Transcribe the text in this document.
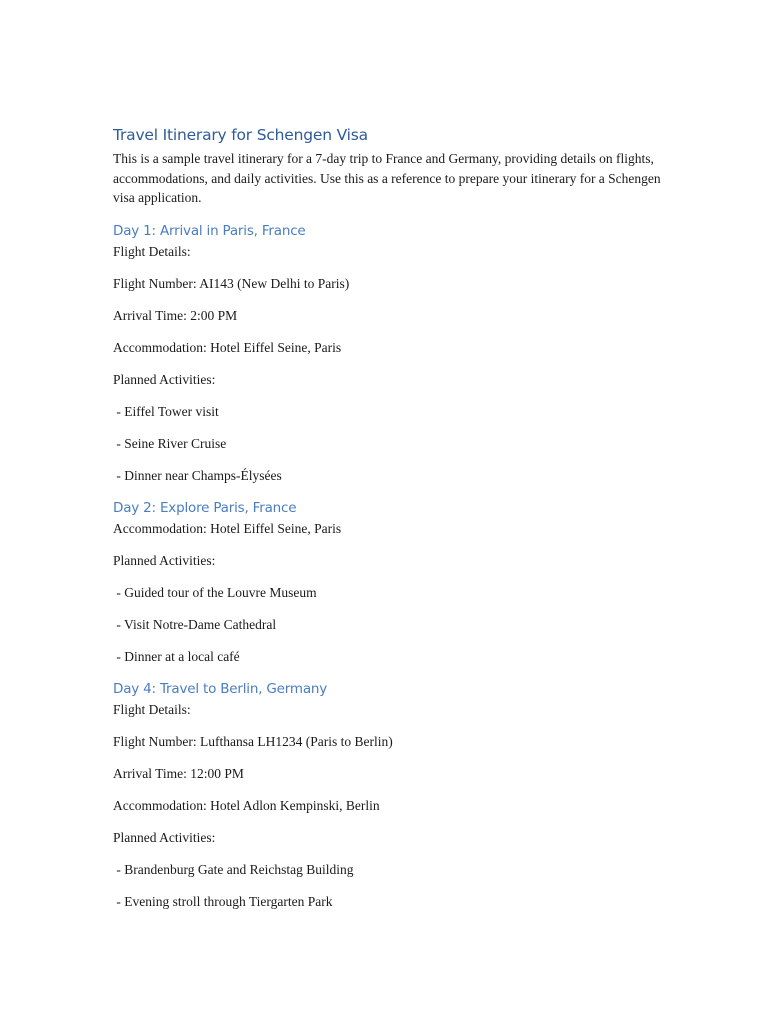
Travel Itinerary for Schengen Visa

This is a sample travel itinerary for a 7-day trip to France and Germany, providing details on flights, accommodations, and daily activities. Use this as a reference to prepare your itinerary for a Schengen visa application.

Day 1: Arrival in Paris, France

Flight Details:

Flight Number: AI143 (New Delhi to Paris)

Arrival Time: 2:00 PM

Accommodation: Hotel Eiffel Seine, Paris

Planned Activities:

- Eiffel Tower visit

- Seine River Cruise

- Dinner near Champs-Élysées

Day 2: Explore Paris, France

Accommodation: Hotel Eiffel Seine, Paris

Planned Activities:

- Guided tour of the Louvre Museum

- Visit Notre-Dame Cathedral

- Dinner at a local café

Day 4: Travel to Berlin, Germany

Flight Details:

Flight Number: Lufthansa LH1234 (Paris to Berlin)

Arrival Time: 12:00 PM

Accommodation: Hotel Adlon Kempinski, Berlin

Planned Activities:

- Brandenburg Gate and Reichstag Building

- Evening stroll through Tiergarten Park
